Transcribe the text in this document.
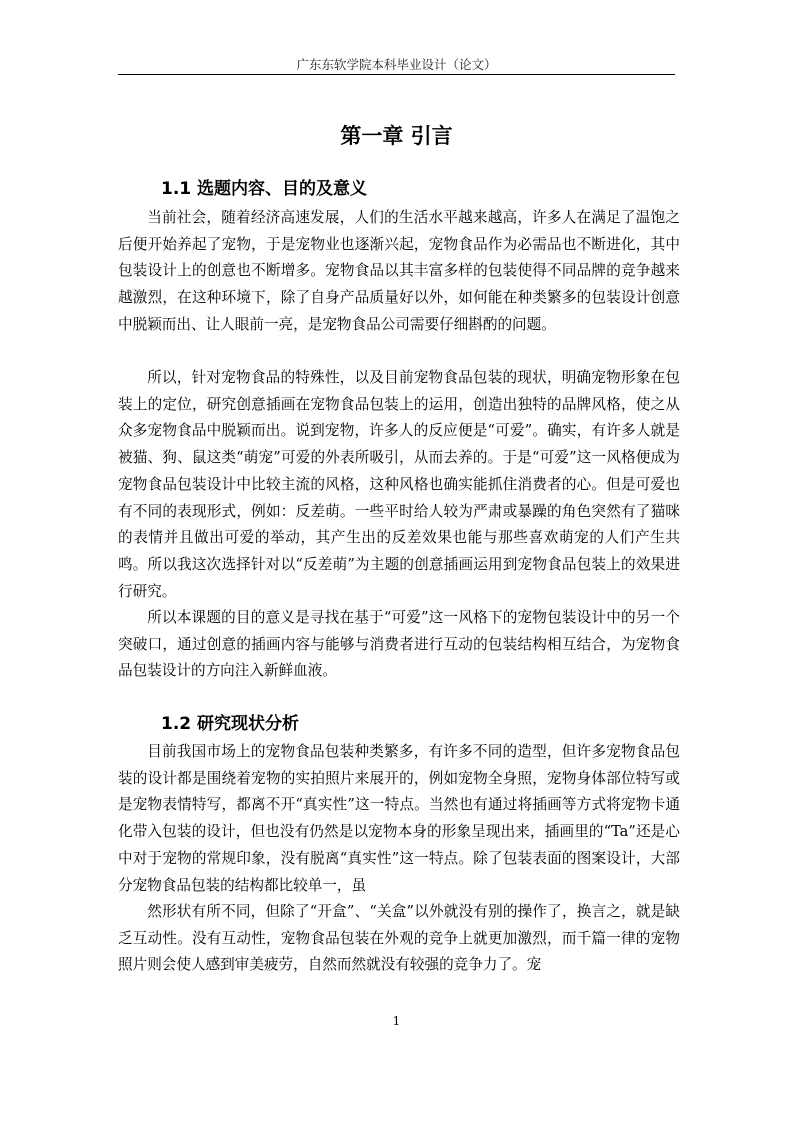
广东东软学院本科毕业设计（论文）
第一章 引言
1.1 选题内容、目的及意义

当前社会，随着经济高速发展，人们的生活水平越来越高，许多人在满足了温饱之后便开始养起了宠物，于是宠物业也逐渐兴起，宠物食品作为必需品也不断进化，其中包装设计上的创意也不断增多。宠物食品以其丰富多样的包装使得不同品牌的竞争越来越激烈，在这种环境下，除了自身产品质量好以外，如何能在种类繁多的包装设计创意中脱颖而出、让人眼前一亮，是宠物食品公司需要仔细斟酌的问题。

所以，针对宠物食品的特殊性，以及目前宠物食品包装的现状，明确宠物形象在包装上的定位，研究创意插画在宠物食品包装上的运用，创造出独特的品牌风格，使之从众多宠物食品中脱颖而出。说到宠物，许多人的反应便是“可爱”。确实，有许多人就是被猫、狗、鼠这类“萌宠”可爱的外表所吸引，从而去养的。于是“可爱”这一风格便成为宠物食品包装设计中比较主流的风格，这种风格也确实能抓住消费者的心。但是可爱也有不同的表现形式，例如：反差萌。一些平时给人较为严肃或暴躁的角色突然有了猫咪的表情并且做出可爱的举动，其产生出的反差效果也能与那些喜欢萌宠的人们产生共鸣。所以我这次选择针对以“反差萌”为主题的创意插画运用到宠物食品包装上的效果进行研究。

所以本课题的目的意义是寻找在基于“可爱”这一风格下的宠物包装设计中的另一个突破口，通过创意的插画内容与能够与消费者进行互动的包装结构相互结合，为宠物食品包装设计的方向注入新鲜血液。

1.2 研究现状分析

目前我国市场上的宠物食品包装种类繁多，有许多不同的造型，但许多宠物食品包装的设计都是围绕着宠物的实拍照片来展开的，例如宠物全身照，宠物身体部位特写或是宠物表情特写，都离不开“真实性”这一特点。当然也有通过将插画等方式将宠物卡通化带入包装的设计，但也没有仍然是以宠物本身的形象呈现出来，插画里的“Ta”还是心中对于宠物的常规印象，没有脱离“真实性”这一特点。除了包装表面的图案设计，大部分宠物食品包装的结构都比较单一，虽

然形状有所不同，但除了“开盒”、“关盒”以外就没有别的操作了，换言之，就是缺乏互动性。没有互动性，宠物食品包装在外观的竞争上就更加激烈，而千篇一律的宠物照片则会使人感到审美疲劳，自然而然就没有较强的竞争力了。宠

1
